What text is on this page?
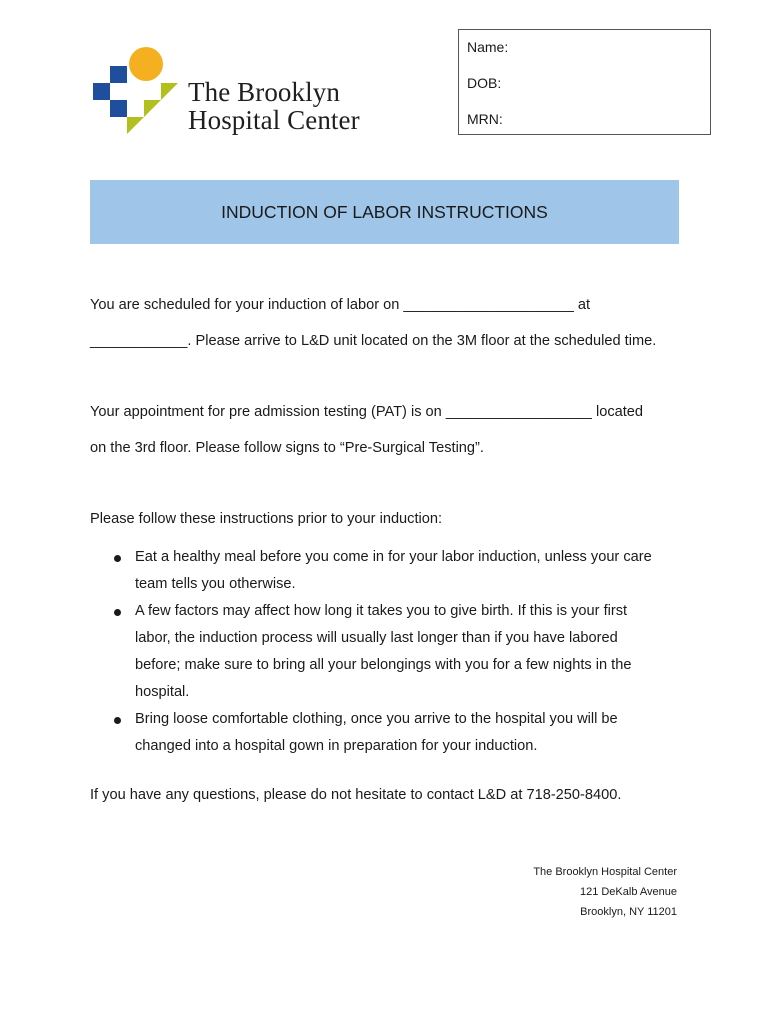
The Brooklyn
Hospital Center
Name:
DOB:
MRN:
INDUCTION OF LABOR INSTRUCTIONS
You are scheduled for your induction of labor on _____________________ at
____________. Please arrive to L&D unit located on the 3M floor at the scheduled time.
Your appointment for pre admission testing (PAT) is on __________________ located
on the 3rd floor. Please follow signs to “Pre-Surgical Testing”.
Please follow these instructions prior to your induction:
Eat a healthy meal before you come in for your labor induction, unless your care
team tells you otherwise.
A few factors may affect how long it takes you to give birth. If this is your first
labor, the induction process will usually last longer than if you have labored
before; make sure to bring all your belongings with you for a few nights in the
hospital.
Bring loose comfortable clothing, once you arrive to the hospital you will be
changed into a hospital gown in preparation for your induction.
If you have any questions, please do not hesitate to contact L&D at 718-250-8400.
The Brooklyn Hospital Center
121 DeKalb Avenue
Brooklyn, NY 11201
